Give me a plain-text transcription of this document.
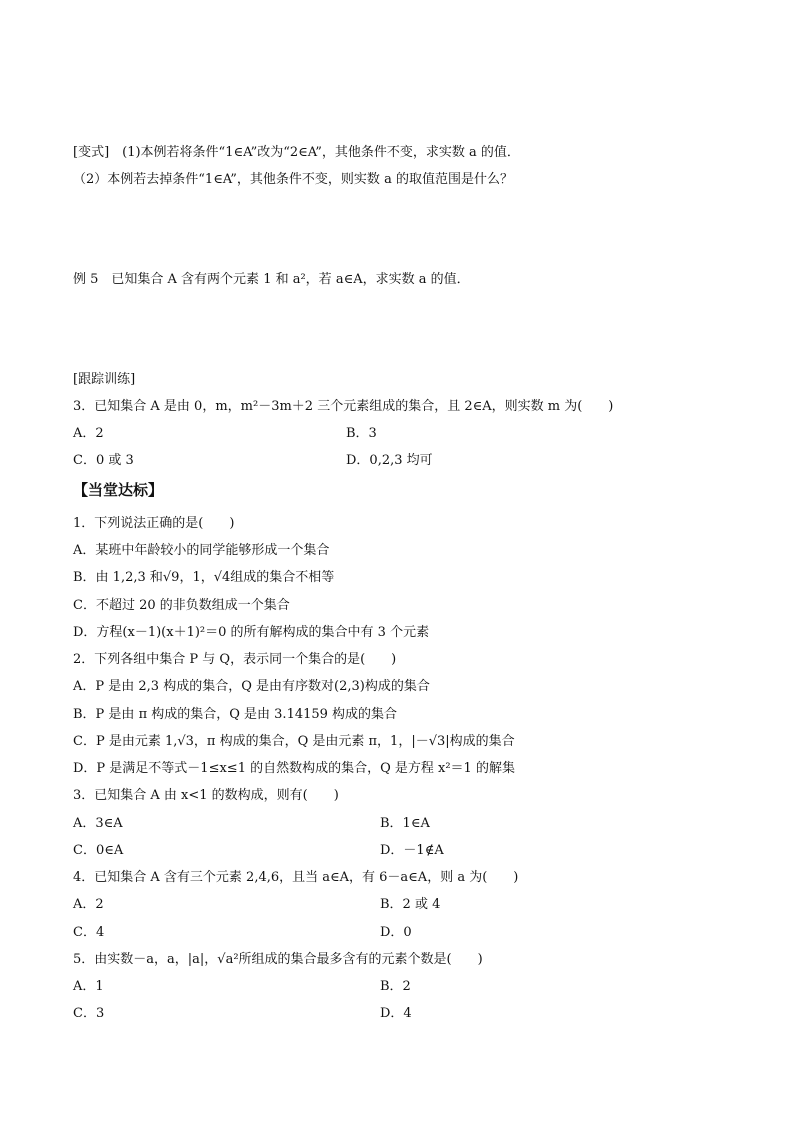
[变式]　(1)本例若将条件“1∈A”改为“2∈A”，其他条件不变，求实数 a 的值．
（2）本例若去掉条件“1∈A”，其他条件不变，则实数 a 的取值范围是什么？
例 5　已知集合 A 含有两个元素 1 和 a²，若 a∈A，求实数 a 的值．
[跟踪训练]
3．已知集合 A 是由 0，m，m²－3m＋2 三个元素组成的集合，且 2∈A，则实数 m 为(　　)
A．2	B．3
C．0 或 3	D．0,2,3 均可
【当堂达标】
1．下列说法正确的是(　　)
A．某班中年龄较小的同学能够形成一个集合
B．由 1,2,3 和√9，1，√4组成的集合不相等
C．不超过 20 的非负数组成一个集合
D．方程(x－1)(x＋1)²＝0 的所有解构成的集合中有 3 个元素
2．下列各组中集合 P 与 Q，表示同一个集合的是(　　)
A．P 是由 2,3 构成的集合，Q 是由有序数对(2,3)构成的集合
B．P 是由 π 构成的集合，Q 是由 3.14159 构成的集合
C．P 是由元素 1,√3，π 构成的集合，Q 是由元素 π，1，|－√3|构成的集合
D．P 是满足不等式－1≤x≤1 的自然数构成的集合，Q 是方程 x²＝1 的解集
3．已知集合 A 由 x<1 的数构成，则有(　　)
A．3∈A	B．1∈A
C．0∈A	D．－1∉A
4．已知集合 A 含有三个元素 2,4,6，且当 a∈A，有 6－a∈A，则 a 为(　　)
A．2	B．2 或 4
C．4	D．0
5．由实数－a，a，|a|，√a²所组成的集合最多含有的元素个数是(　　)
A．1	B．2
C．3	D．4
